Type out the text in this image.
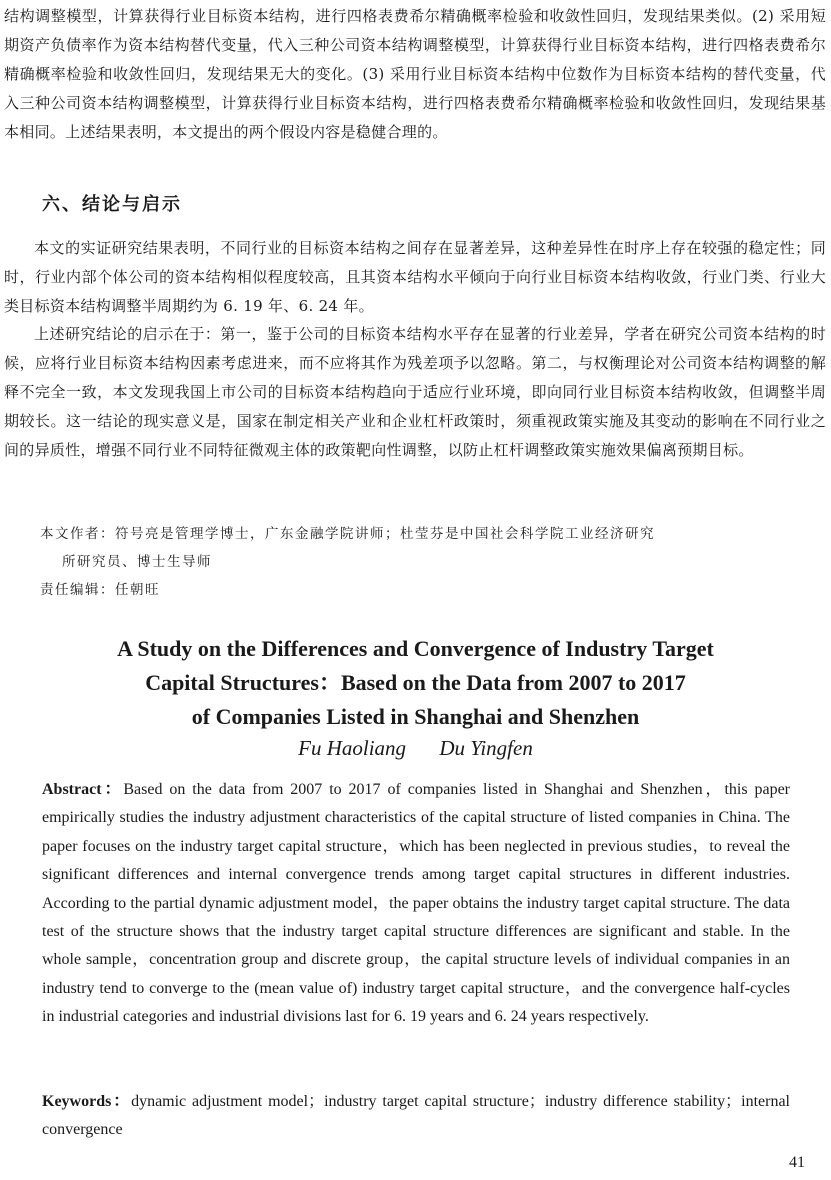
结构调整模型，计算获得行业目标资本结构，进行四格表费希尔精确概率检验和收敛性回归，发现结果类似。(2) 采用短期资产负债率作为资本结构替代变量，代入三种公司资本结构调整模型，计算获得行业目标资本结构，进行四格表费希尔精确概率检验和收敛性回归，发现结果无大的变化。(3) 采用行业目标资本结构中位数作为目标资本结构的替代变量，代入三种公司资本结构调整模型，计算获得行业目标资本结构，进行四格表费希尔精确概率检验和收敛性回归，发现结果基本相同。上述结果表明，本文提出的两个假设内容是稳健合理的。

六、结论与启示

本文的实证研究结果表明，不同行业的目标资本结构之间存在显著差异，这种差异性在时序上存在较强的稳定性；同时，行业内部个体公司的资本结构相似程度较高，且其资本结构水平倾向于向行业目标资本结构收敛，行业门类、行业大类目标资本结构调整半周期约为 6. 19 年、6. 24 年。

上述研究结论的启示在于：第一，鉴于公司的目标资本结构水平存在显著的行业差异，学者在研究公司资本结构的时候，应将行业目标资本结构因素考虑进来，而不应将其作为残差项予以忽略。第二，与权衡理论对公司资本结构调整的解释不完全一致，本文发现我国上市公司的目标资本结构趋向于适应行业环境，即向同行业目标资本结构收敛，但调整半周期较长。这一结论的现实意义是，国家在制定相关产业和企业杠杆政策时，须重视政策实施及其变动的影响在不同行业之间的异质性，增强不同行业不同特征微观主体的政策靶向性调整，以防止杠杆调整政策实施效果偏离预期目标。

本文作者：符号亮是管理学博士，广东金融学院讲师；杜莹芬是中国社会科学院工业经济研究
所研究员、博士生导师

责任编辑：任朝旺

A Study on the Differences and Convergence of Industry Target
Capital Structures：Based on the Data from 2007 to 2017
of Companies Listed in Shanghai and Shenzhen

Fu Haoliang Du Yingfen

Abstract：Based on the data from 2007 to 2017 of companies listed in Shanghai and Shenzhen，this paper empirically studies the industry adjustment characteristics of the capital structure of listed companies in China. The paper focuses on the industry target capital structure，which has been neglected in previous studies，to reveal the significant differences and internal convergence trends among target capital structures in different industries. According to the partial dynamic adjustment model，the paper obtains the industry target capital structure. The data test of the structure shows that the industry target capital structure differences are significant and stable. In the whole sample，concentration group and discrete group，the capital structure levels of individual companies in an industry tend to converge to the (mean value of) industry target capital structure，and the convergence half-cycles in industrial categories and industrial divisions last for 6. 19 years and 6. 24 years respectively.

Keywords：dynamic adjustment model；industry target capital structure；industry difference stability；internal convergence

41
